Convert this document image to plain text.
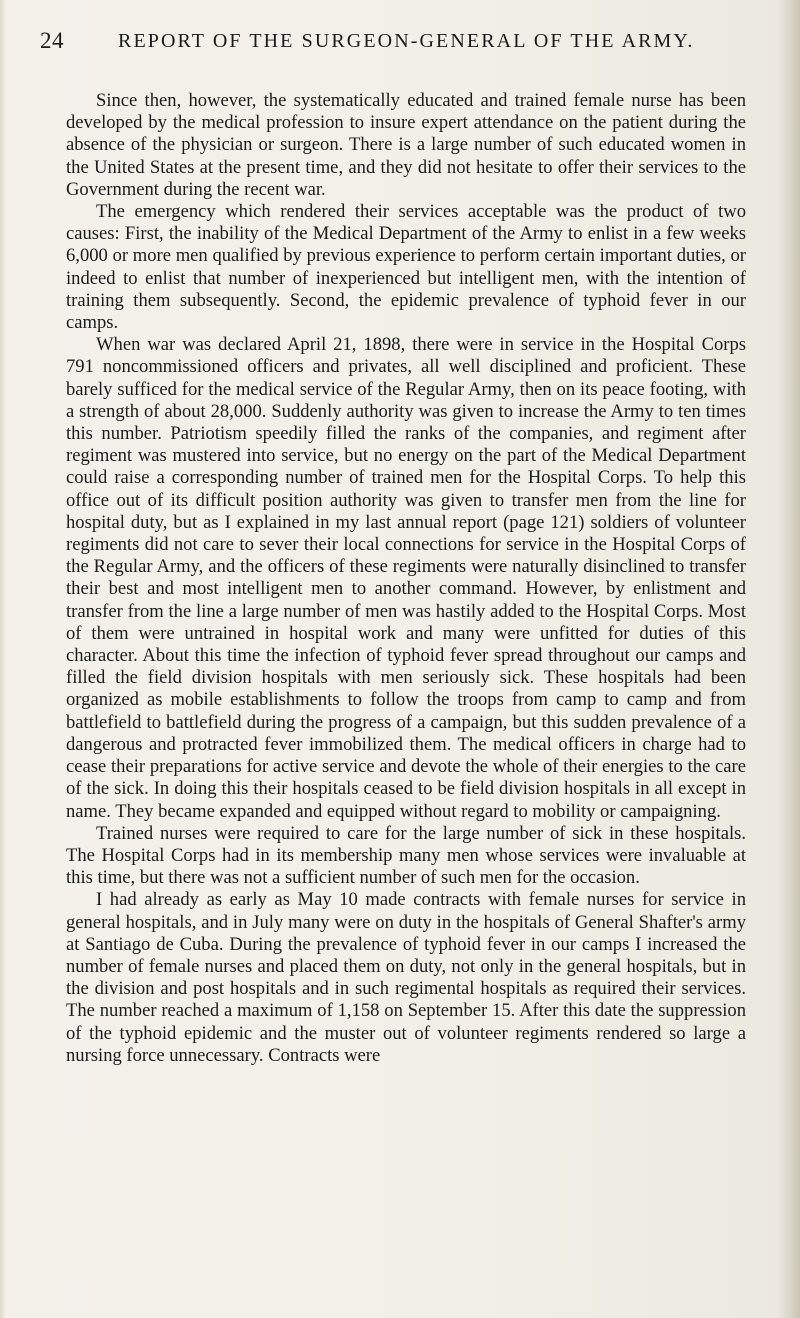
24	REPORT OF THE SURGEON-GENERAL OF THE ARMY.

Since then, however, the systematically educated and trained female nurse has been developed by the medical profession to insure expert attendance on the patient during the absence of the physician or surgeon. There is a large number of such educated women in the United States at the present time, and they did not hesitate to offer their services to the Government during the recent war.

The emergency which rendered their services acceptable was the product of two causes: First, the inability of the Medical Department of the Army to enlist in a few weeks 6,000 or more men qualified by previous experience to perform certain important duties, or indeed to enlist that number of inexperienced but intelligent men, with the intention of training them subsequently. Second, the epidemic prevalence of typhoid fever in our camps.

When war was declared April 21, 1898, there were in service in the Hospital Corps 791 noncommissioned officers and privates, all well disciplined and proficient. These barely sufficed for the medical service of the Regular Army, then on its peace footing, with a strength of about 28,000. Suddenly authority was given to increase the Army to ten times this number. Patriotism speedily filled the ranks of the companies, and regiment after regiment was mustered into service, but no energy on the part of the Medical Department could raise a corresponding number of trained men for the Hospital Corps. To help this office out of its difficult position authority was given to transfer men from the line for hospital duty, but as I explained in my last annual report (page 121) soldiers of volunteer regiments did not care to sever their local connections for service in the Hospital Corps of the Regular Army, and the officers of these regiments were naturally disinclined to transfer their best and most intelligent men to another command. However, by enlistment and transfer from the line a large number of men was hastily added to the Hospital Corps. Most of them were untrained in hospital work and many were unfitted for duties of this character. About this time the infection of typhoid fever spread throughout our camps and filled the field division hospitals with men seriously sick. These hospitals had been organized as mobile establishments to follow the troops from camp to camp and from battlefield to battlefield during the progress of a campaign, but this sudden prevalence of a dangerous and protracted fever immobilized them. The medical officers in charge had to cease their preparations for active service and devote the whole of their energies to the care of the sick. In doing this their hospitals ceased to be field division hospitals in all except in name. They became expanded and equipped without regard to mobility or campaigning.

Trained nurses were required to care for the large number of sick in these hospitals. The Hospital Corps had in its membership many men whose services were invaluable at this time, but there was not a sufficient number of such men for the occasion.

I had already as early as May 10 made contracts with female nurses for service in general hospitals, and in July many were on duty in the hospitals of General Shafter's army at Santiago de Cuba. During the prevalence of typhoid fever in our camps I increased the number of female nurses and placed them on duty, not only in the general hospitals, but in the division and post hospitals and in such regimental hospitals as required their services. The number reached a maximum of 1,158 on September 15. After this date the suppression of the typhoid epidemic and the muster out of volunteer regiments rendered so large a nursing force unnecessary. Contracts were
